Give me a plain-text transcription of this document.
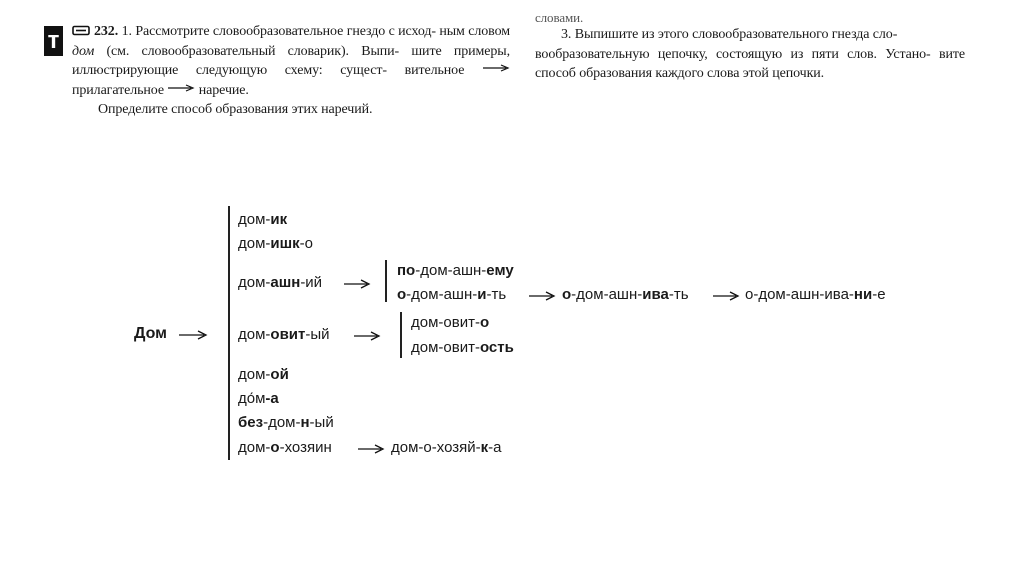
т	232. 1. Рассмотрите словообразовательное гнездо с исход- ным словом дом (см. словообразовательный словарик). Выпи- шите примеры, иллюстрирующие следующую схему: сущест- вительное  прилагательное наречие.
Определите способ образования этих наречий.
словами.
3. Выпишите из этого словообразовательного гнезда сло-
вообразовательную цепочку, состоящую из пяти слов. Устано- вите способ образования каждого слова этой цепочки.
Дом
дом-ик
дом-ишк-о
дом-ашн-ий
по-дом-ашн-ему
о-дом-ашн-и-ть	о-дом-ашн-ива-ть	о-дом-ашн-ива-ни-е
дом-овит-ый
дом-овит-о
дом-овит-ость
дом-ой
до́м-а
без-дом-н-ый
дом-о-хозяин	дом-о-хозяй-к-а
